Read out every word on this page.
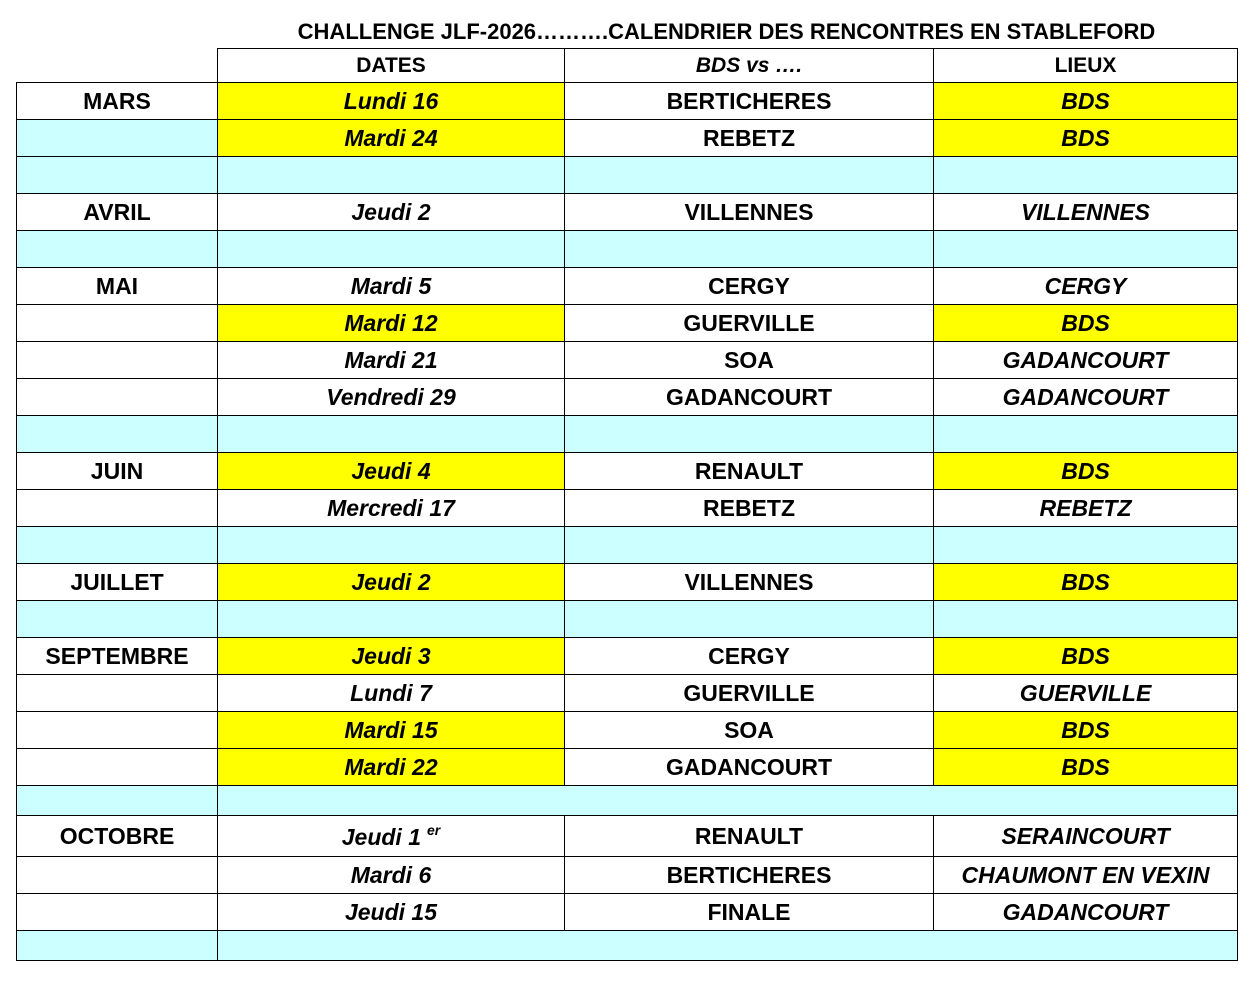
CHALLENGE JLF-2026……….CALENDRIER DES RENCONTRES EN STABLEFORD
	DATES	BDS vs ….	LIEUX
MARS	Lundi 16	BERTICHERES	BDS
	Mardi 24	REBETZ	BDS

AVRIL	Jeudi 2	VILLENNES	VILLENNES

MAI	Mardi 5	CERGY	CERGY
	Mardi 12	GUERVILLE	BDS
	Mardi 21	SOA	GADANCOURT
	Vendredi 29	GADANCOURT	GADANCOURT

JUIN	Jeudi 4	RENAULT	BDS
	Mercredi 17	REBETZ	REBETZ

JUILLET	Jeudi 2	VILLENNES	BDS

SEPTEMBRE	Jeudi 3	CERGY	BDS
	Lundi 7	GUERVILLE	GUERVILLE
	Mardi 15	SOA	BDS
	Mardi 22	GADANCOURT	BDS

OCTOBRE	Jeudi 1 $^{er}$	RENAULT	SERAINCOURT
	Mardi 6	BERTICHERES	CHAUMONT EN VEXIN
	Jeudi 15	FINALE	GADANCOURT
